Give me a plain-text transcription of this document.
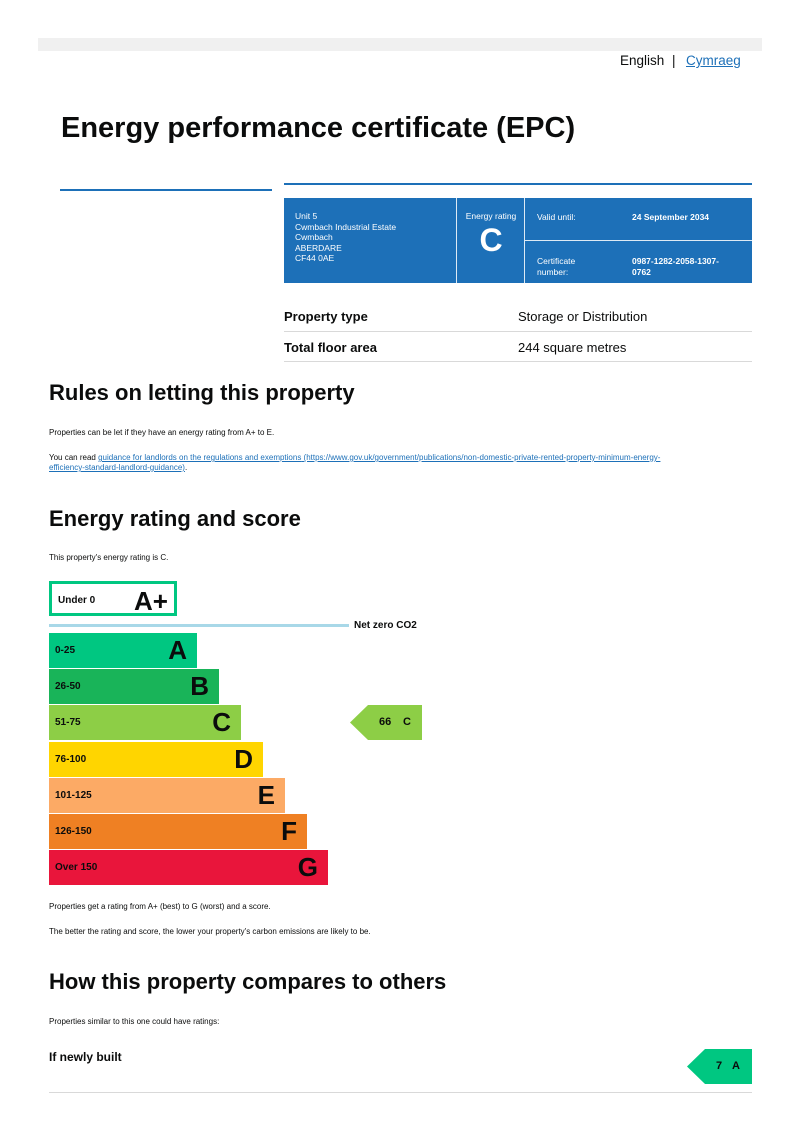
English | Cymraeg
Energy performance certificate (EPC)
Unit 5
Cwmbach Industrial Estate
Cwmbach
ABERDARE
CF44 0AE
Energy rating
C
Valid until:	24 September 2034
Certificate
number:
0987-1282-2058-1307-
0762
Property type	Storage or Distribution
Total floor area	244 square metres
Rules on letting this property
Properties can be let if they have an energy rating from A+ to E.
You can read guidance for landlords on the regulations and exemptions (https://www.gov.uk/government/publications/non-domestic-private-rented-property-minimum-energy-
efficiency-standard-landlord-guidance).
Energy rating and score
This property's energy rating is C.
Under 0 A+
Net zero CO2
0-25	A
26-50	B
51-75	C
76-100	D
101-125	E
126-150	F
Over 150	G
66 C
Properties get a rating from A+ (best) to G (worst) and a score.
The better the rating and score, the lower your property's carbon emissions are likely to be.
How this property compares to others
Properties similar to this one could have ratings:
If newly built
7 A
